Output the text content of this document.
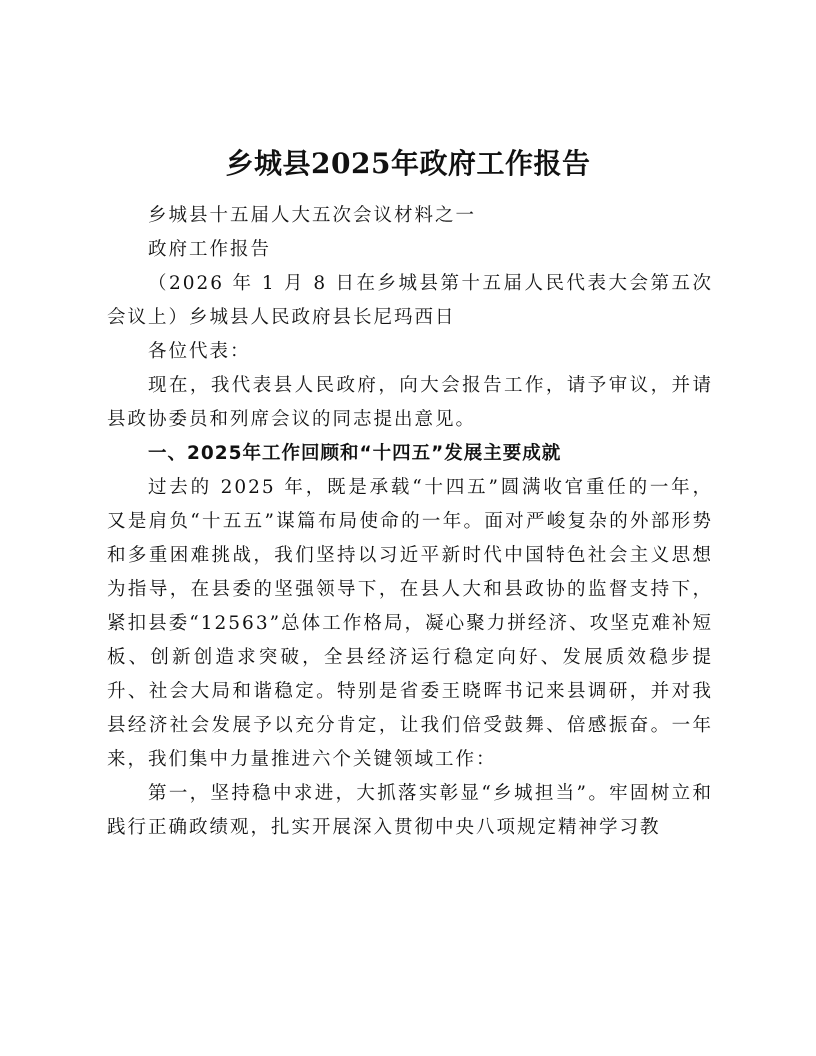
乡城县2025年政府工作报告

乡城县十五届人大五次会议材料之一

政府工作报告

（2026 年 1 月 8 日在乡城县第十五届人民代表大会第五次会议上）乡城县人民政府县长尼玛西日

各位代表：

现在，我代表县人民政府，向大会报告工作，请予审议，并请县政协委员和列席会议的同志提出意见。

一、2025年工作回顾和“十四五”发展主要成就

过去的 2025 年，既是承载“十四五”圆满收官重任的一年，又是肩负“十五五”谋篇布局使命的一年。面对严峻复杂的外部形势和多重困难挑战，我们坚持以习近平新时代中国特色社会主义思想为指导，在县委的坚强领导下，在县人大和县政协的监督支持下，紧扣县委“12563”总体工作格局，凝心聚力拼经济、攻坚克难补短板、创新创造求突破，全县经济运行稳定向好、发展质效稳步提升、社会大局和谐稳定。特别是省委王晓晖书记来县调研，并对我县经济社会发展予以充分肯定，让我们倍受鼓舞、倍感振奋。一年来，我们集中力量推进六个关键领域工作：

第一，坚持稳中求进，大抓落实彰显“乡城担当”。牢固树立和践行正确政绩观，扎实开展深入贯彻中央八项规定精神学习教
